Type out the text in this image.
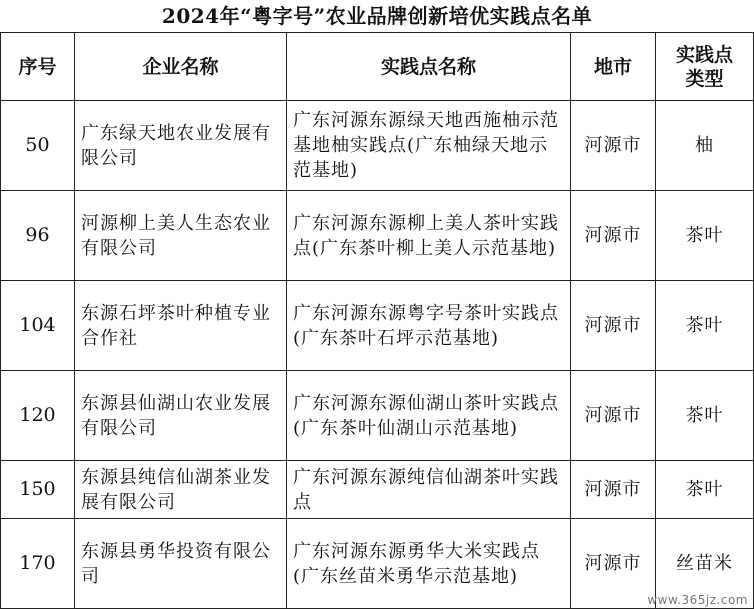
2024年“粤字号”农业品牌创新培优实践点名单
序号	企业名称	实践点名称	地市	实践点类型
50	广东绿天地农业发展有限公司	广东河源东源绿天地西施柚示范基地柚实践点(广东柚绿天地示范基地)	河源市	柚
96	河源柳上美人生态农业有限公司	广东河源东源柳上美人茶叶实践点(广东茶叶柳上美人示范基地)	河源市	茶叶
104	东源石坪茶叶种植专业合作社	广东河源东源粤字号茶叶实践点(广东茶叶石坪示范基地)	河源市	茶叶
120	东源县仙湖山农业发展有限公司	广东河源东源仙湖山茶叶实践点(广东茶叶仙湖山示范基地)	河源市	茶叶
150	东源县纯信仙湖茶业发展有限公司	广东河源东源纯信仙湖茶叶实践点	河源市	茶叶
170	东源县勇华投资有限公司	广东河源东源勇华大米实践点(广东丝苗米勇华示范基地)	河源市	丝苗米
www.365jz.com
